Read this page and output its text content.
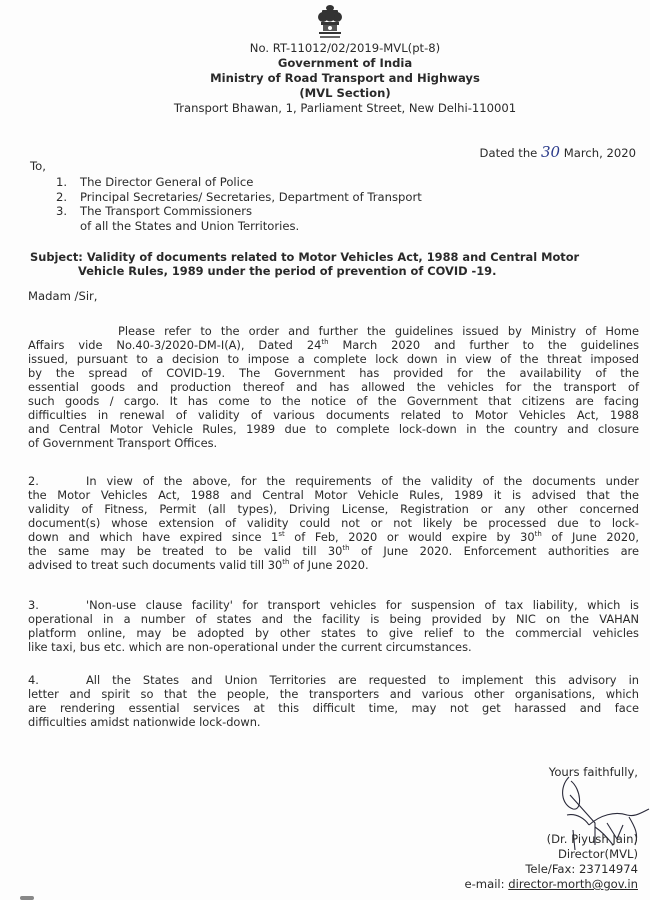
No. RT-11012/02/2019-MVL(pt-8)
Government of India
Ministry of Road Transport and Highways
(MVL Section)
Transport Bhawan, 1, Parliament Street, New Delhi-110001
Dated the 30 March, 2020
To,
1. The Director General of Police
2. Principal Secretaries/ Secretaries, Department of Transport
3. The Transport Commissioners
of all the States and Union Territories.
Subject: Validity of documents related to Motor Vehicles Act, 1988 and Central Motor
Vehicle Rules, 1989 under the period of prevention of COVID -19.
Madam /Sir,
Please refer to the order and further the guidelines issued by Ministry of Home
Affairs vide No.40-3/2020-DM-I(A), Dated 24th March 2020 and further to the guidelines
issued, pursuant to a decision to impose a complete lock down in view of the threat imposed
by the spread of COVID-19. The Government has provided for the availability of the
essential goods and production thereof and has allowed the vehicles for the transport of
such goods / cargo. It has come to the notice of the Government that citizens are facing
difficulties in renewal of validity of various documents related to Motor Vehicles Act, 1988
and Central Motor Vehicle Rules, 1989 due to complete lock-down in the country and closure
of Government Transport Offices.
2.	In view of the above, for the requirements of the validity of the documents under
the Motor Vehicles Act, 1988 and Central Motor Vehicle Rules, 1989 it is advised that the
validity of Fitness, Permit (all types), Driving License, Registration or any other concerned
document(s) whose extension of validity could not or not likely be processed due to lock-
down and which have expired since 1st of Feb, 2020 or would expire by 30th of June 2020,
the same may be treated to be valid till 30th of June 2020. Enforcement authorities are
advised to treat such documents valid till 30th of June 2020.
3.	'Non-use clause facility' for transport vehicles for suspension of tax liability, which is
operational in a number of states and the facility is being provided by NIC on the VAHAN
platform online, may be adopted by other states to give relief to the commercial vehicles
like taxi, bus etc. which are non-operational under the current circumstances.
4.	All the States and Union Territories are requested to implement this advisory in
letter and spirit so that the people, the transporters and various other organisations, which
are rendering essential services at this difficult time, may not get harassed and face
difficulties amidst nationwide lock-down.
Yours faithfully,
(Dr. Piyush Jain)
Director(MVL)
Tele/Fax: 23714974
e-mail: director-morth@gov.in
